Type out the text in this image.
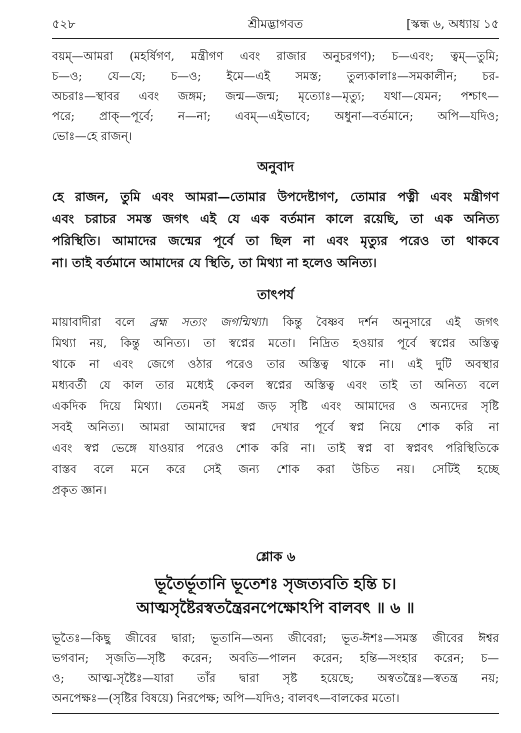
৫২৮	শ্রীমদ্ভাগবত	[স্কন্ধ ৬, অধ্যায় ১৫

বয়ম্—আমরা (মহর্ষিগণ, মন্ত্রীগণ এবং রাজার অনুচরগণ); চ—এবং; ত্বম্—তুমি;

চ—ও; যে—যে; চ—ও; ইমে—এই সমস্ত; তুল্যকালাঃ—সমকালীন; চর-

অচরাঃ—স্থাবর এবং জঙ্গম; জন্ম—জন্ম; মৃত্যোঃ—মৃত্যু; যথা—যেমন; পশ্চাৎ—

পরে; প্রাক্—পূর্বে; ন—না; এবম্—এইভাবে; অধুনা—বর্তমানে; অপি—যদিও;

ভোঃ—হে রাজন্।

অনুবাদ

হে রাজন, তুমি এবং আমরা—তোমার উপদেষ্টাগণ, তোমার পত্নী এবং মন্ত্রীগণ

এবং চরাচর সমস্ত জগৎ এই যে এক বর্তমান কালে রয়েছি, তা এক অনিত্য

পরিস্থিতি। আমাদের জন্মের পূর্বে তা ছিল না এবং মৃত্যুর পরেও তা থাকবে

না। তাই বর্তমানে আমাদের যে স্থিতি, তা মিথ্যা না হলেও অনিত্য।

তাৎপর্য

মায়াবাদীরা বলে ব্রহ্ম সত্যং জগন্মিথ্যা। কিন্তু বৈষ্ণব দর্শন অনুসারে এই জগৎ

মিথ্যা নয়, কিন্তু অনিত্য। তা স্বপ্নের মতো। নিদ্রিত হওয়ার পূর্বে স্বপ্নের অস্তিত্ব

থাকে না এবং জেগে ওঠার পরেও তার অস্তিত্ব থাকে না। এই দুটি অবস্থার

মধ্যবর্তী যে কাল তার মধ্যেই কেবল স্বপ্নের অস্তিত্ব এবং তাই তা অনিত্য বলে

একদিক দিয়ে মিথ্যা। তেমনই সমগ্র জড় সৃষ্টি এবং আমাদের ও অন্যদের সৃষ্টি

সবই অনিত্য। আমরা আমাদের স্বপ্ন দেখার পূর্বে স্বপ্ন নিয়ে শোক করি না

এবং স্বপ্ন ভেঙ্গে যাওয়ার পরেও শোক করি না। তাই স্বপ্ন বা স্বপ্নবৎ পরিস্থিতিকে

বাস্তব বলে মনে করে সেই জন্য শোক করা উচিত নয়। সেটিই হচ্ছে

প্রকৃত জ্ঞান।

শ্লোক ৬
ভূতৈর্ভূতানি ভূতেশঃ সৃজত্যবতি হন্তি চ।
আত্মসৃষ্টৈরস্বতন্ত্রৈরনপেক্ষোঽপি বালবৎ ॥ ৬ ॥

ভূতৈঃ—কিছু জীবের দ্বারা; ভূতানি—অন্য জীবেরা; ভূত-ঈশঃ—সমস্ত জীবের ঈশ্বর

ভগবান; সৃজতি—সৃষ্টি করেন; অবতি—পালন করেন; হন্তি—সংহার করেন; চ—

ও; আত্ম-সৃষ্টৈঃ—যারা তাঁর দ্বারা সৃষ্ট হয়েছে; অস্বতন্ত্রৈঃ—স্বতন্ত্র নয়;

অনপেক্ষঃ—(সৃষ্টির বিষয়ে) নিরপেক্ষ; অপি—যদিও; বালবৎ—বালকের মতো।
